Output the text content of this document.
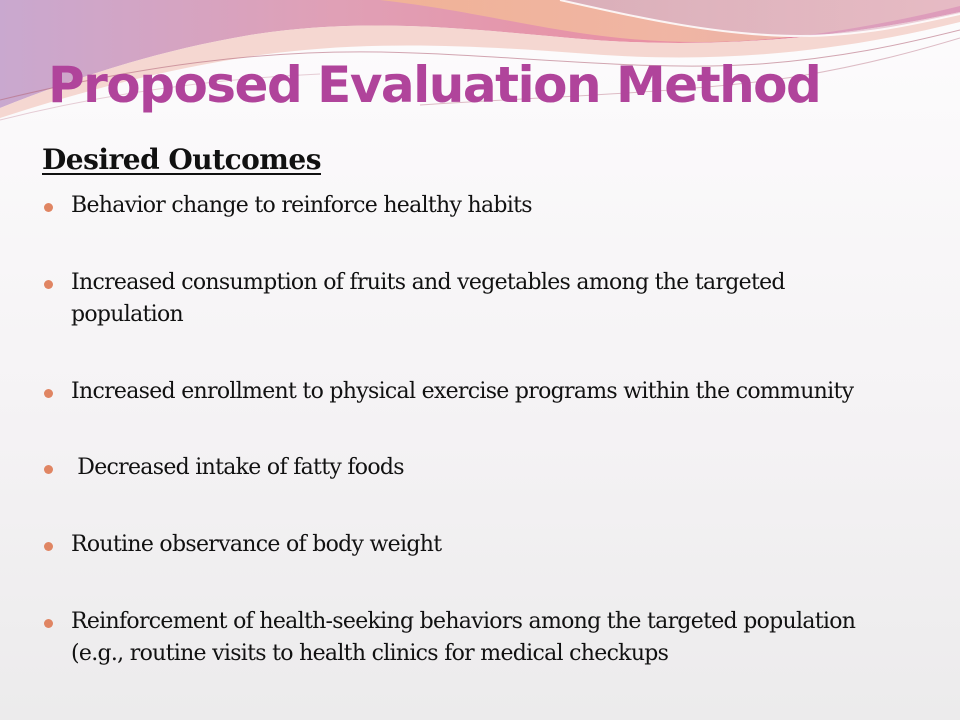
Proposed Evaluation Method
Desired Outcomes
Behavior change to reinforce healthy habits
Increased consumption of fruits and vegetables among the targeted population
Increased enrollment to physical exercise programs within the community
Decreased intake of fatty foods
Routine observance of body weight
Reinforcement of health-seeking behaviors among the targeted population (e.g., routine visits to health clinics for medical checkups
